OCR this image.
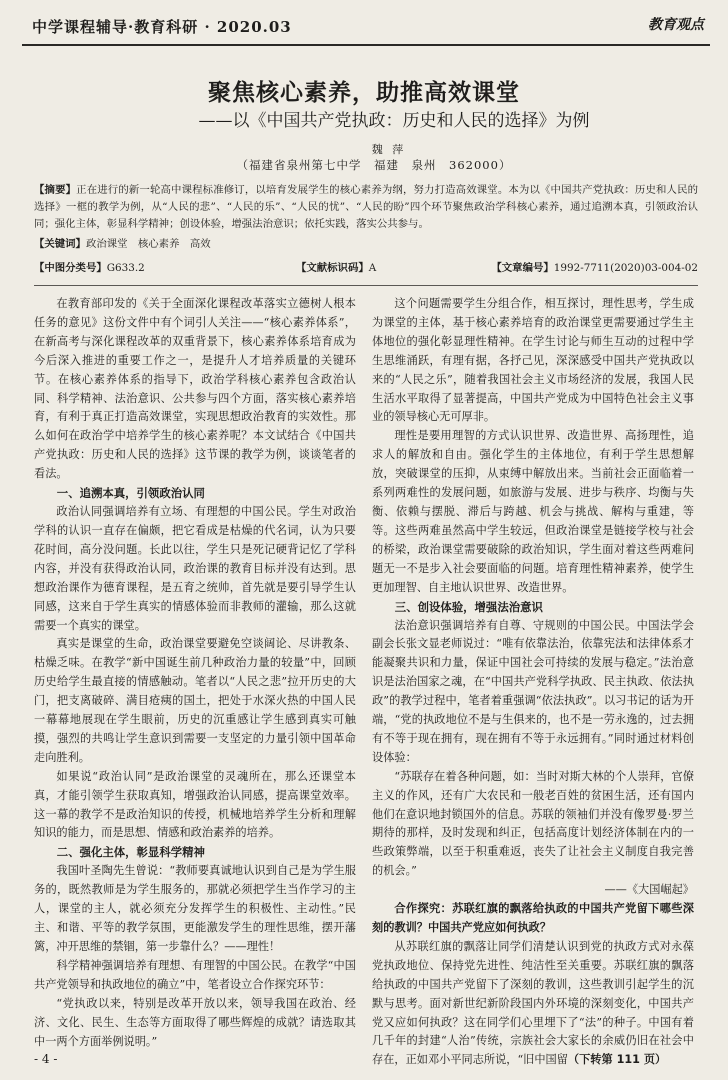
中学课程辅导·教育科研 · 2020.03	教育观点
聚焦核心素养，助推高效课堂
——以《中国共产党执政：历史和人民的选择》为例
魏 萍
（福建省泉州第七中学　福建　泉州　362000）
【摘要】正在进行的新一轮高中课程标准修订，以培育发展学生的核心素养为纲，努力打造高效课堂。本为以《中国共产党执政：历史和人民的选择》一框的教学为例，从“人民的悲”、“人民的乐”、“人民的忧”、“人民的盼”四个环节聚焦政治学科核心素养，通过追溯本真，引领政治认同；强化主体，彰显科学精神；创设体验，增强法治意识；依托实践，落实公共参与。
【关键词】政治课堂　核心素养　高效
【中图分类号】G633.2	【文献标识码】A	【文章编号】1992-7711(2020)03-004-02

在教育部印发的《关于全面深化课程改革落实立德树人根本任务的意见》这份文件中有个词引人关注——“核心素养体系”，在新高考与深化课程改革的双重背景下，核心素养体系培育成为今后深入推进的重要工作之一，是提升人才培养质量的关键环节。在核心素养体系的指导下，政治学科核心素养包含政治认同、科学精神、法治意识、公共参与四个方面，落实核心素养培育，有利于真正打造高效课堂，实现思想政治教育的实效性。那么如何在政治学中培养学生的核心素养呢？本文试结合《中国共产党执政：历史和人民的选择》这节课的教学为例，谈谈笔者的看法。

一、追溯本真，引领政治认同

政治认同强调培养有立场、有理想的中国公民。学生对政治学科的认识一直存在偏颇，把它看成是枯燥的代名词，认为只要花时间，高分没问题。长此以往，学生只是死记硬背记忆了学科内容，并没有获得政治认同，政治课的教育目标并没有达到。思想政治课作为德育课程，是五育之统帅，首先就是要引导学生认同感，这来自于学生真实的情感体验而非教师的灌输，那么这就需要一个真实的课堂。

真实是课堂的生命，政治课堂要避免空谈阔论、尽讲教条、枯燥乏味。在教学“新中国诞生前几种政治力量的较量”中，回顾历史给学生最直接的情感触动。笔者以“人民之悲”拉开历史的大门，把支离破碎、满目疮痍的国土，把处于水深火热的中国人民一幕幕地展现在学生眼前，历史的沉重感让学生感到真实可触摸，强烈的共鸣让学生意识到需要一支坚定的力量引领中国革命走向胜利。

如果说“政治认同”是政治课堂的灵魂所在，那么还课堂本真，才能引领学生获取真知，增强政治认同感，提高课堂效率。这一幕的教学不是政治知识的传授，机械地培养学生分析和理解知识的能力，而是思想、情感和政治素养的培养。

二、强化主体，彰显科学精神

我国叶圣陶先生曾说：“教师要真诚地认识到自己是为学生服务的，既然教师是为学生服务的，那就必须把学生当作学习的主人，课堂的主人，就必须充分发挥学生的积极性、主动性。”民主、和谐、平等的教学氛围，更能激发学生的理性思维，摆开藩篱，冲开思维的禁锢，第一步靠什么？——理性！

科学精神强调培养有理想、有理智的中国公民。在教学“中国共产党领导和执政地位的确立”中，笔者设立合作探究环节：

“党执政以来，特别是改革开放以来，领导我国在政治、经济、文化、民生、生态等方面取得了哪些辉煌的成就？请选取其中一两个方面举例说明。”

这个问题需要学生分组合作，相互探讨，理性思考，学生成为课堂的主体，基于核心素养培育的政治课堂更需要通过学生主体地位的强化彰显理性精神。在学生讨论与师生互动的过程中学生思维涌跃，有理有据，各抒己见，深深感受中国共产党执政以来的“人民之乐”，随着我国社会主义市场经济的发展，我国人民生活水平取得了显著提高，中国共产党成为中国特色社会主义事业的领导核心无可厚非。

理性是要用理智的方式认识世界、改造世界、高扬理性，追求人的解放和自由。强化学生的主体地位，有利于学生思想解放，突破课堂的压抑，从束缚中解放出来。当前社会正面临着一系列两难性的发展问题，如旅游与发展、进步与秩序、均衡与失衡、依赖与摆脱、滞后与跨越、机会与挑战、解构与重建，等等。这些两难虽然高中学生较远，但政治课堂是链接学校与社会的桥梁，政治课堂需要破除的政治知识，学生面对着这些两难问题无一不是步入社会要面临的问题。培育理性精神素养，使学生更加理智、自主地认识世界、改造世界。

三、创设体验，增强法治意识

法治意识强调培养有自尊、守规则的中国公民。中国法学会副会长张文显老师说过：“唯有依靠法治，依靠宪法和法律体系才能凝聚共识和力量，保证中国社会可持续的发展与稳定。”法治意识是法治国家之魂，在“中国共产党科学执政、民主执政、依法执政”的教学过程中，笔者着重强调“依法执政”。以习书记的话为开端，“党的执政地位不是与生俱来的，也不是一劳永逸的，过去拥有不等于现在拥有，现在拥有不等于永远拥有。”同时通过材料创设体验：

“苏联存在着各种问题，如：当时对斯大林的个人崇拜，官僚主义的作风，还有广大农民和一般老百姓的贫困生活，还有国内他们在意识地封锁国外的信息。苏联的领袖们并没有像罗曼·罗兰期待的那样，及时发现和纠正，包括高度计划经济体制在内的一些政策弊端，以至于积重难返，丧失了让社会主义制度自我完善的机会。”

——《大国崛起》

合作探究：苏联红旗的飘落给执政的中国共产党留下哪些深刻的教训？中国共产党应如何执政？

从苏联红旗的飘落让同学们清楚认识到党的执政方式对永葆党执政地位、保持党先进性、纯洁性至关重要。苏联红旗的飘落给执政的中国共产党留下了深刻的教训，这些教训引起学生的沉默与思考。面对新世纪新阶段国内外环境的深刻变化，中国共产党又应如何执政？这在同学们心里埋下了“法”的种子。中国有着几千年的封建“人治”传统，宗族社会大家长的余威仍旧在社会中存在，正如邓小平同志所说，“旧中国留（下转第 111 页）

- 4 -
